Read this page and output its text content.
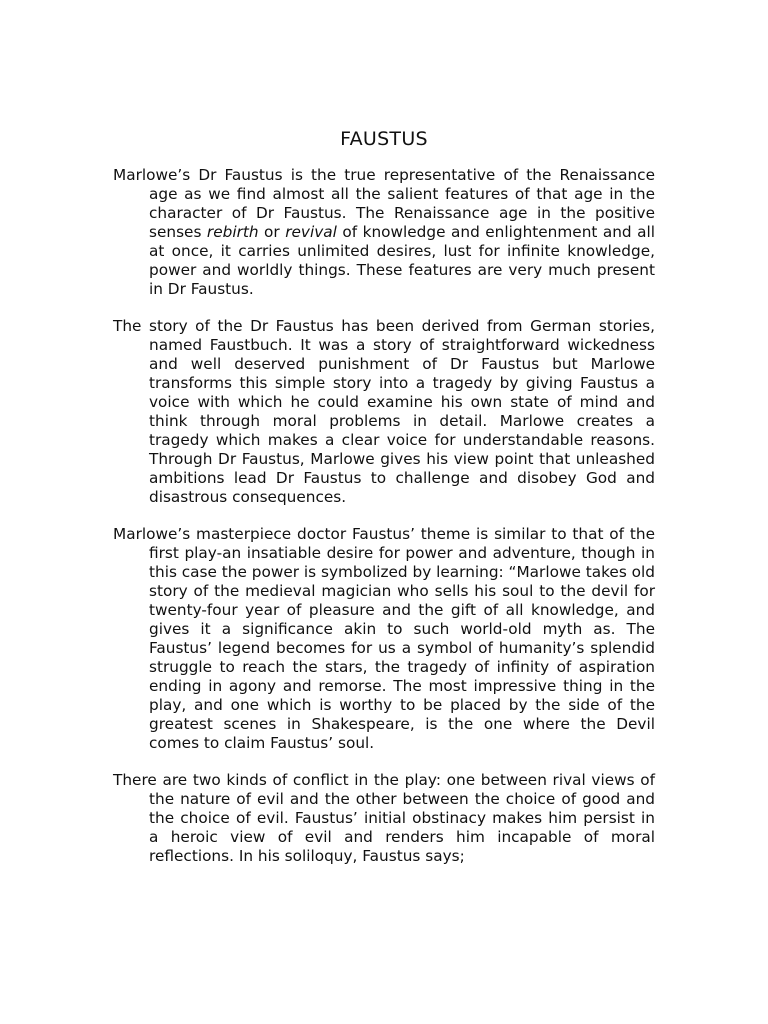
FAUSTUS

Marlowe’s Dr Faustus is the true representative of the Renaissance age as we find almost all the salient features of that age in the character of Dr Faustus. The Renaissance age in the positive senses rebirth or revival of knowledge and enlightenment and all at once, it carries unlimited desires, lust for infinite knowledge, power and worldly things. These features are very much present in Dr Faustus.

The story of the Dr Faustus has been derived from German stories, named Faustbuch. It was a story of straightforward wickedness and well deserved punishment of Dr Faustus but Marlowe transforms this simple story into a tragedy by giving Faustus a voice with which he could examine his own state of mind and think through moral problems in detail. Marlowe creates a tragedy which makes a clear voice for understandable reasons. Through Dr Faustus, Marlowe gives his view point that unleashed ambitions lead Dr Faustus to challenge and disobey God and disastrous consequences.

Marlowe’s masterpiece doctor Faustus’ theme is similar to that of the first play-an insatiable desire for power and adventure, though in this case the power is symbolized by learning: “Marlowe takes old story of the medieval magician who sells his soul to the devil for twenty-four year of pleasure and the gift of all knowledge, and gives it a significance akin to such world-old myth as. The Faustus’ legend becomes for us a symbol of humanity’s splendid struggle to reach the stars, the tragedy of infinity of aspiration ending in agony and remorse. The most impressive thing in the play, and one which is worthy to be placed by the side of the greatest scenes in Shakespeare, is the one where the Devil comes to claim Faustus’ soul.

There are two kinds of conflict in the play: one between rival views of the nature of evil and the other between the choice of good and the choice of evil. Faustus’ initial obstinacy makes him persist in a heroic view of evil and renders him incapable of moral reflections. In his soliloquy, Faustus says;
